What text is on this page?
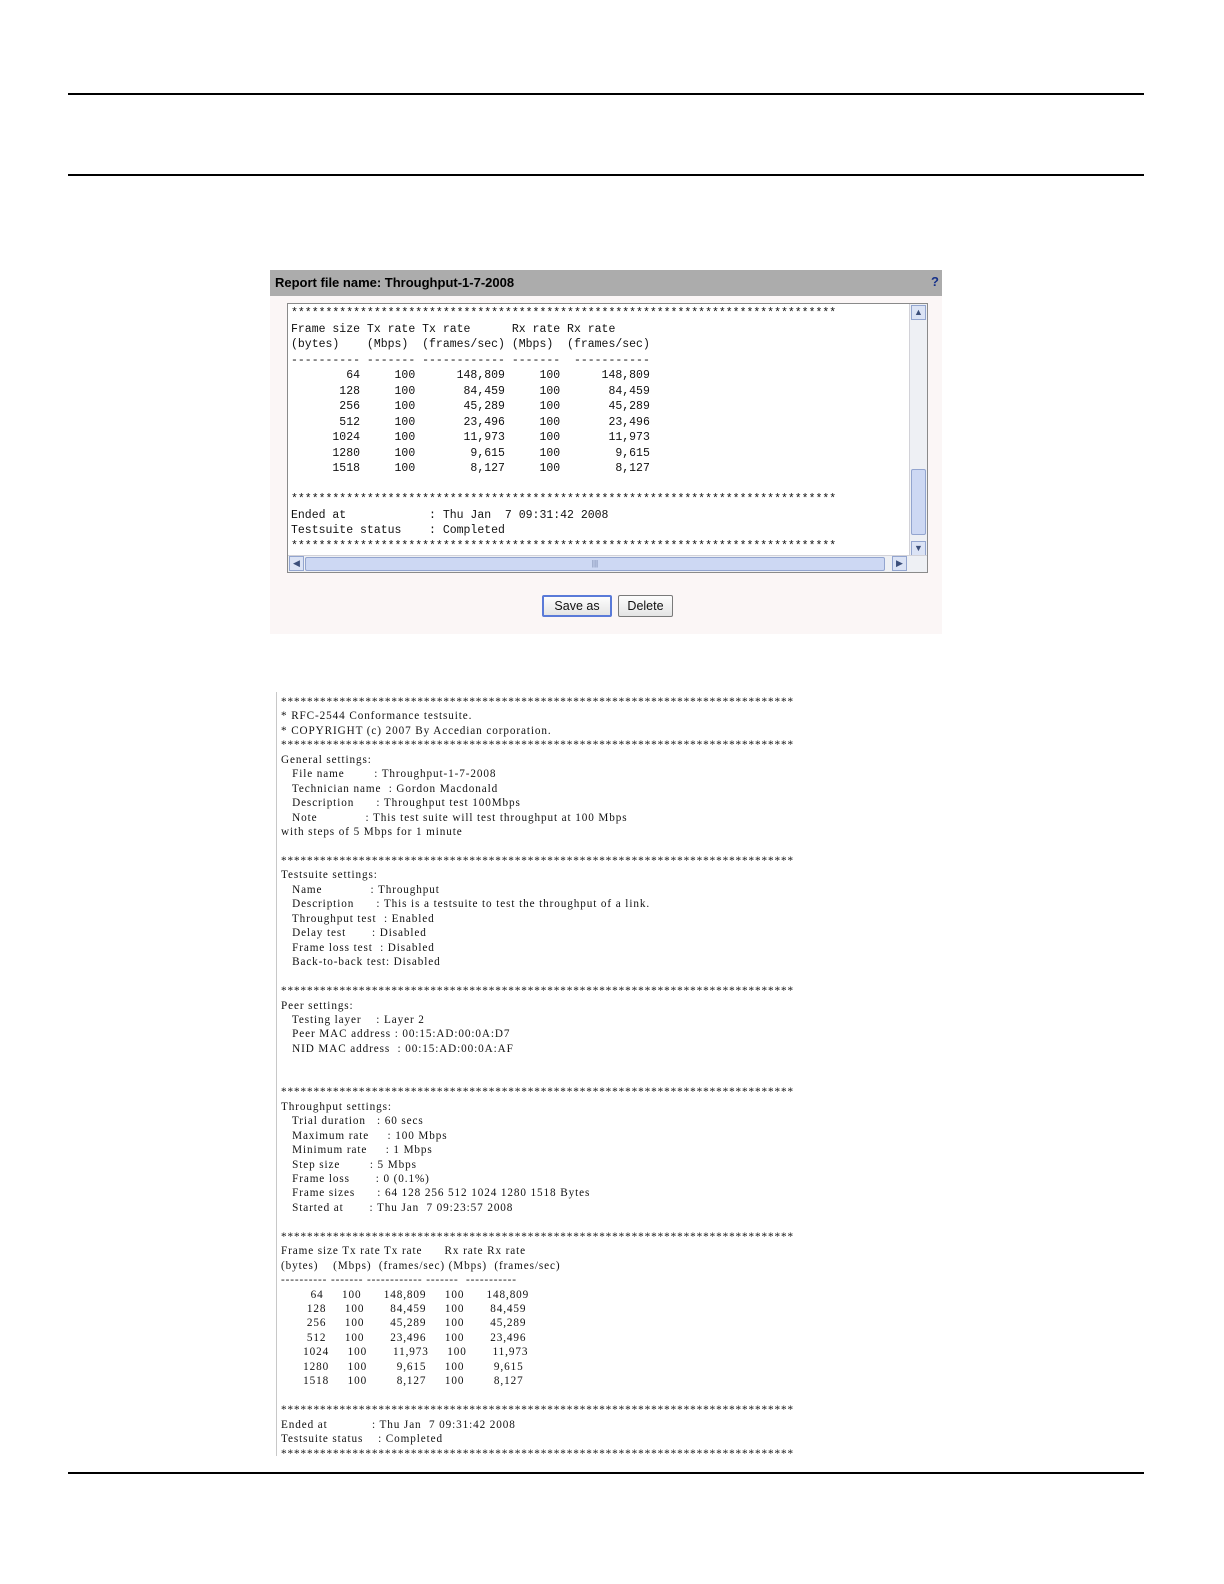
Report file name: Throughput-1-7-2008	?
*******************************************************************************
Frame size Tx rate Tx rate      Rx rate Rx rate
(bytes)    (Mbps)  (frames/sec) (Mbps)  (frames/sec)
---------- ------- ------------ -------  -----------
64     100      148,809     100      148,809
128     100       84,459     100       84,459
256     100       45,289     100       45,289
512     100       23,496     100       23,496
1024     100       11,973     100       11,973
1280     100        9,615     100        9,615
1518     100        8,127     100        8,127

*******************************************************************************
Ended at            : Thu Jan  7 09:31:42 2008
Testsuite status    : Completed
*******************************************************************************
▲
▼
◀	|||	▶
Save as	Delete
*******************************************************************************
* RFC-2544 Conformance testsuite.
* COPYRIGHT (c) 2007 By Accedian corporation.
*******************************************************************************
General settings:
File name        : Throughput-1-7-2008
Technician name  : Gordon Macdonald
Description      : Throughput test 100Mbps
Note             : This test suite will test throughput at 100 Mbps
with steps of 5 Mbps for 1 minute

*******************************************************************************
Testsuite settings:
Name             : Throughput
Description      : This is a testsuite to test the throughput of a link.
Throughput test  : Enabled
Delay test       : Disabled
Frame loss test  : Disabled
Back-to-back test: Disabled

*******************************************************************************
Peer settings:
Testing layer    : Layer 2
Peer MAC address : 00:15:AD:00:0A:D7
NID MAC address  : 00:15:AD:00:0A:AF

*******************************************************************************
Throughput settings:
Trial duration   : 60 secs
Maximum rate     : 100 Mbps
Minimum rate     : 1 Mbps
Step size        : 5 Mbps
Frame loss       : 0 (0.1%)
Frame sizes      : 64 128 256 512 1024 1280 1518 Bytes
Started at       : Thu Jan  7 09:23:57 2008

*******************************************************************************
Frame size Tx rate Tx rate      Rx rate Rx rate
(bytes)    (Mbps)  (frames/sec) (Mbps)  (frames/sec)
---------- ------- ------------ -------  -----------
64     100      148,809     100      148,809
128     100       84,459     100       84,459
256     100       45,289     100       45,289
512     100       23,496     100       23,496
1024     100       11,973     100       11,973
1280     100        9,615     100        9,615
1518     100        8,127     100        8,127

*******************************************************************************
Ended at            : Thu Jan  7 09:31:42 2008
Testsuite status    : Completed
*******************************************************************************
